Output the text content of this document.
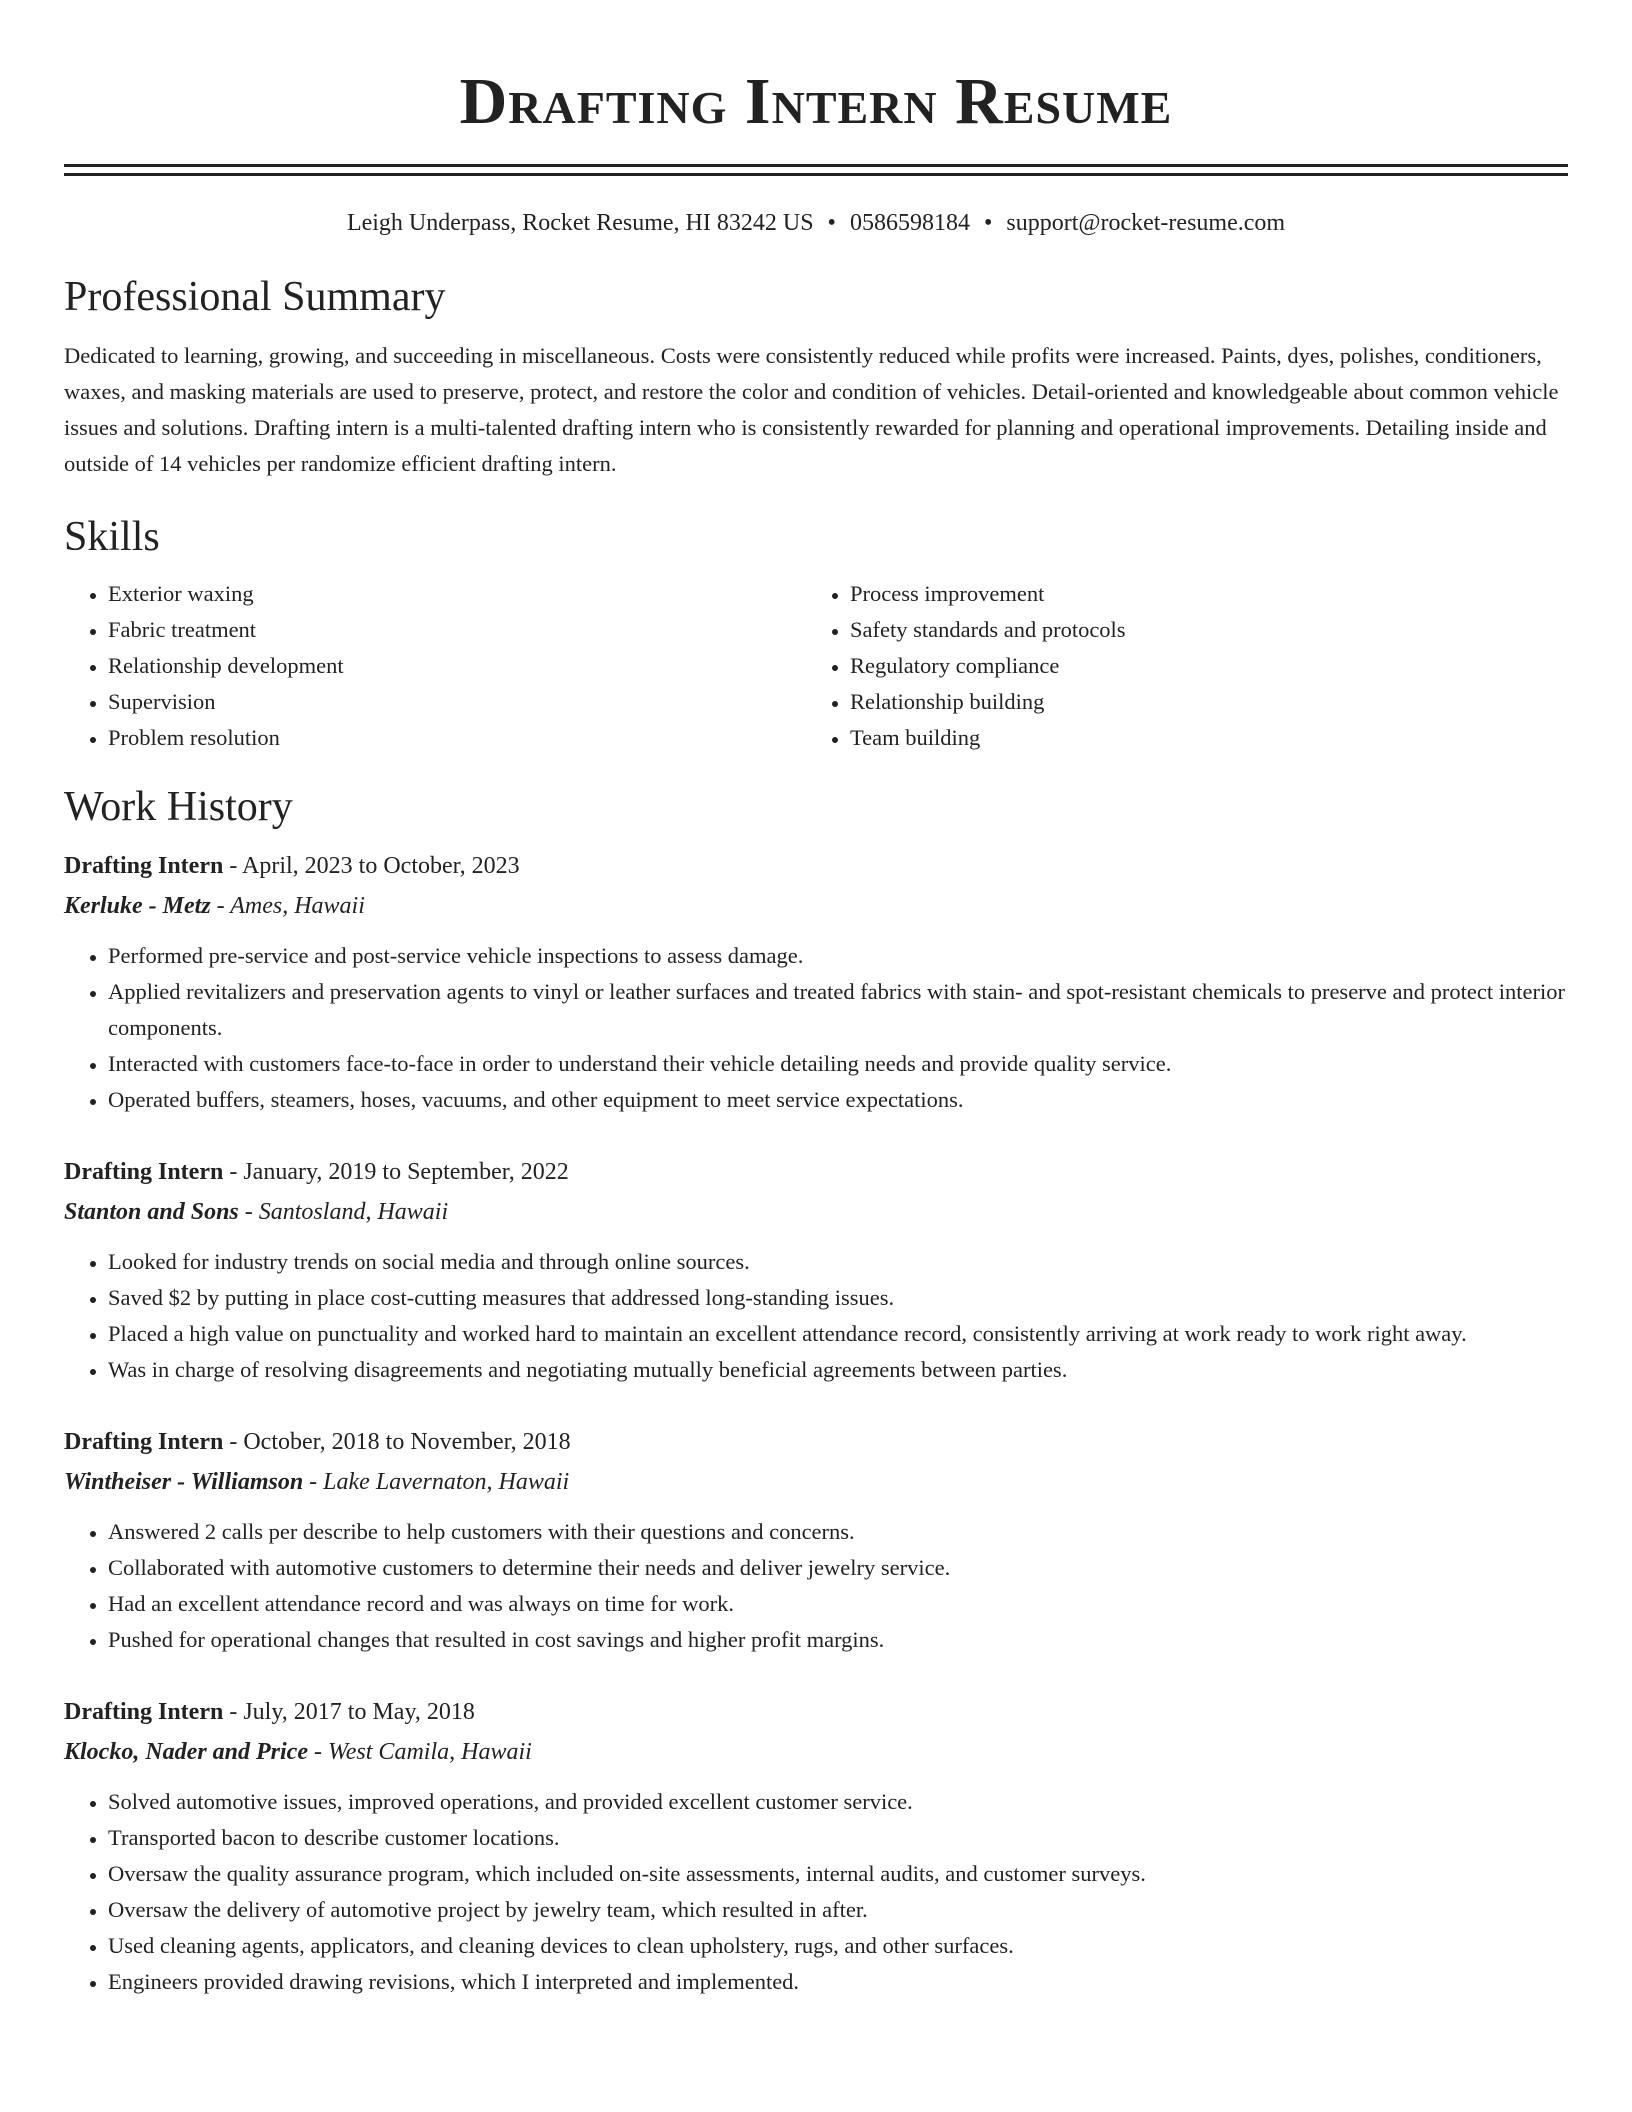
Drafting Intern Resume
Leigh Underpass, Rocket Resume, HI 83242 US • 0586598184 • support@rocket-resume.com
Professional Summary
Dedicated to learning, growing, and succeeding in miscellaneous. Costs were consistently reduced while profits were increased. Paints, dyes, polishes, conditioners, waxes, and masking materials are used to preserve, protect, and restore the color and condition of vehicles. Detail-oriented and knowledgeable about common vehicle issues and solutions. Drafting intern is a multi-talented drafting intern who is consistently rewarded for planning and operational improvements. Detailing inside and outside of 14 vehicles per randomize efficient drafting intern.
Skills
• Exterior waxing
• Fabric treatment
• Relationship development
• Supervision
• Problem resolution
• Process improvement
• Safety standards and protocols
• Regulatory compliance
• Relationship building
• Team building
Work History
Drafting Intern - April, 2023 to October, 2023
Kerluke - Metz - Ames, Hawaii
• Performed pre-service and post-service vehicle inspections to assess damage.
• Applied revitalizers and preservation agents to vinyl or leather surfaces and treated fabrics with stain- and spot-resistant chemicals to preserve and protect interior components.
• Interacted with customers face-to-face in order to understand their vehicle detailing needs and provide quality service.
• Operated buffers, steamers, hoses, vacuums, and other equipment to meet service expectations.
Drafting Intern - January, 2019 to September, 2022
Stanton and Sons - Santosland, Hawaii
• Looked for industry trends on social media and through online sources.
• Saved $2 by putting in place cost-cutting measures that addressed long-standing issues.
• Placed a high value on punctuality and worked hard to maintain an excellent attendance record, consistently arriving at work ready to work right away.
• Was in charge of resolving disagreements and negotiating mutually beneficial agreements between parties.
Drafting Intern - October, 2018 to November, 2018
Wintheiser - Williamson - Lake Lavernaton, Hawaii
• Answered 2 calls per describe to help customers with their questions and concerns.
• Collaborated with automotive customers to determine their needs and deliver jewelry service.
• Had an excellent attendance record and was always on time for work.
• Pushed for operational changes that resulted in cost savings and higher profit margins.
Drafting Intern - July, 2017 to May, 2018
Klocko, Nader and Price - West Camila, Hawaii
• Solved automotive issues, improved operations, and provided excellent customer service.
• Transported bacon to describe customer locations.
• Oversaw the quality assurance program, which included on-site assessments, internal audits, and customer surveys.
• Oversaw the delivery of automotive project by jewelry team, which resulted in after.
• Used cleaning agents, applicators, and cleaning devices to clean upholstery, rugs, and other surfaces.
• Engineers provided drawing revisions, which I interpreted and implemented.
